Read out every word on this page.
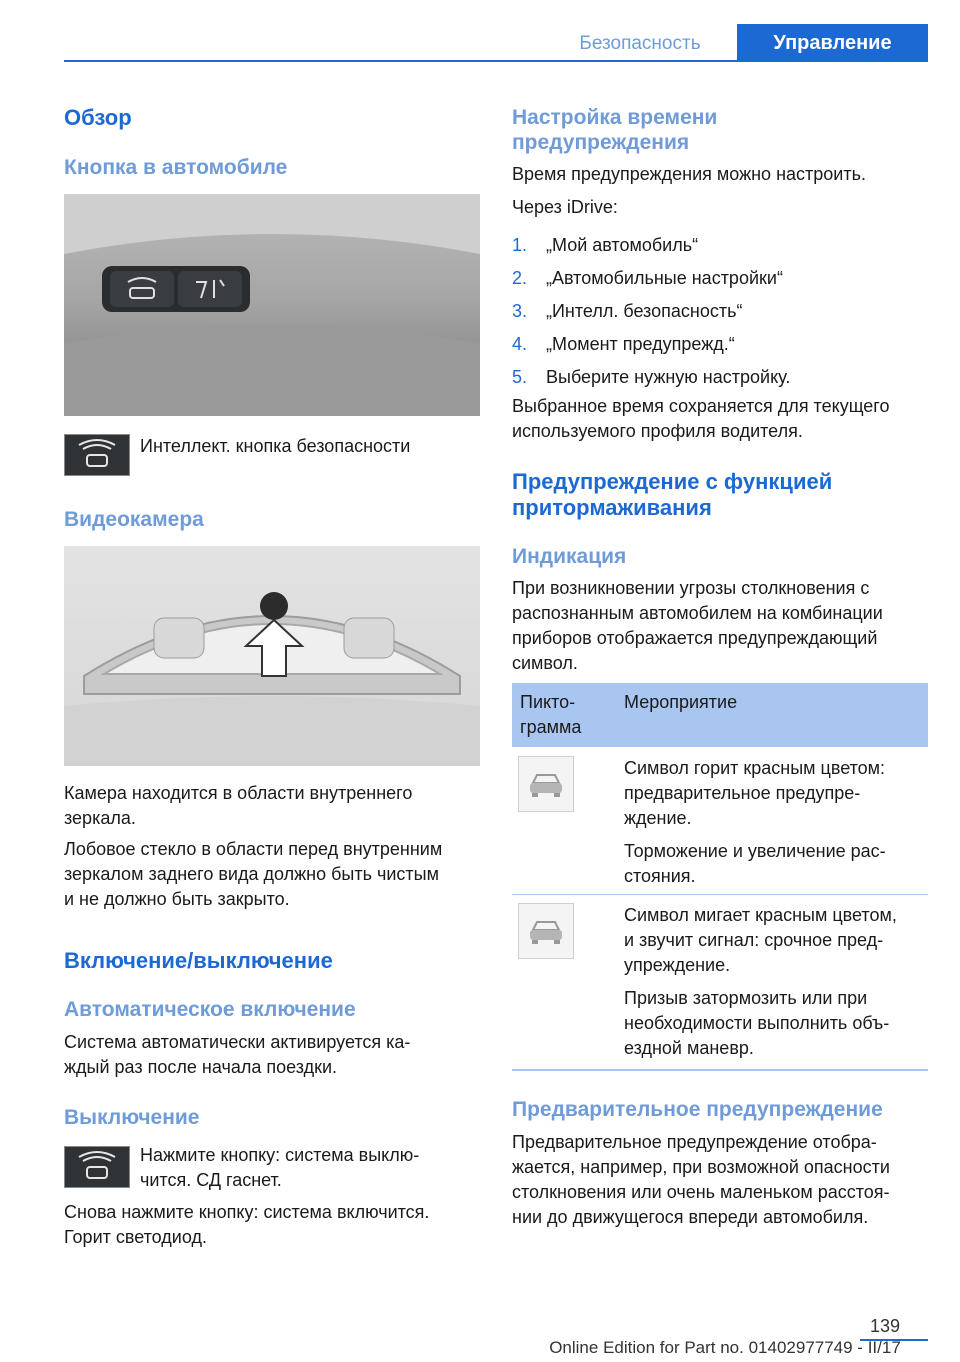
Безопасность	Управление
Обзор
Кнопка в автомобиле
Интеллект. кнопка безопасности
Видеокамера
Камера находится в области внутреннего
зеркала.
Лобовое стекло в области перед внутренним
зеркалом заднего вида должно быть чистым
и не должно быть закрыто.
Включение/выключение
Автоматическое включение
Система автоматически активируется ка‐
ждый раз после начала поездки.
Выключение
Нажмите кнопку: система выклю‐
чится. СД гаснет.
Снова нажмите кнопку: система включится.
Горит светодиод.
Настройка времени
предупреждения
Время предупреждения можно настроить.
Через iDrive:
1. „Мой автомобиль“
2. „Автомобильные настройки“
3. „Интелл. безопасность“
4. „Момент предупрежд.“
5. Выберите нужную настройку.
Выбранное время сохраняется для текущего
используемого профиля водителя.
Предупреждение с функцией
притормаживания
Индикация
При возникновении угрозы столкновения с
распознанным автомобилем на комбинации
приборов отображается предупреждающий
символ.
Пикто‐
грамма
Мероприятие
Символ горит красным цветом:
предварительное предупре‐
ждение.
Торможение и увеличение рас‐
стояния.
Символ мигает красным цветом,
и звучит сигнал: срочное пред‐
упреждение.
Призыв затормозить или при
необходимости выполнить объ‐
ездной маневр.
Предварительное предупреждение
Предварительное предупреждение отобра‐
жается, например, при возможной опасности
столкновения или очень маленьком расстоя‐
нии до движущегося впереди автомобиля.
139
Online Edition for Part no. 01402977749 - II/17
